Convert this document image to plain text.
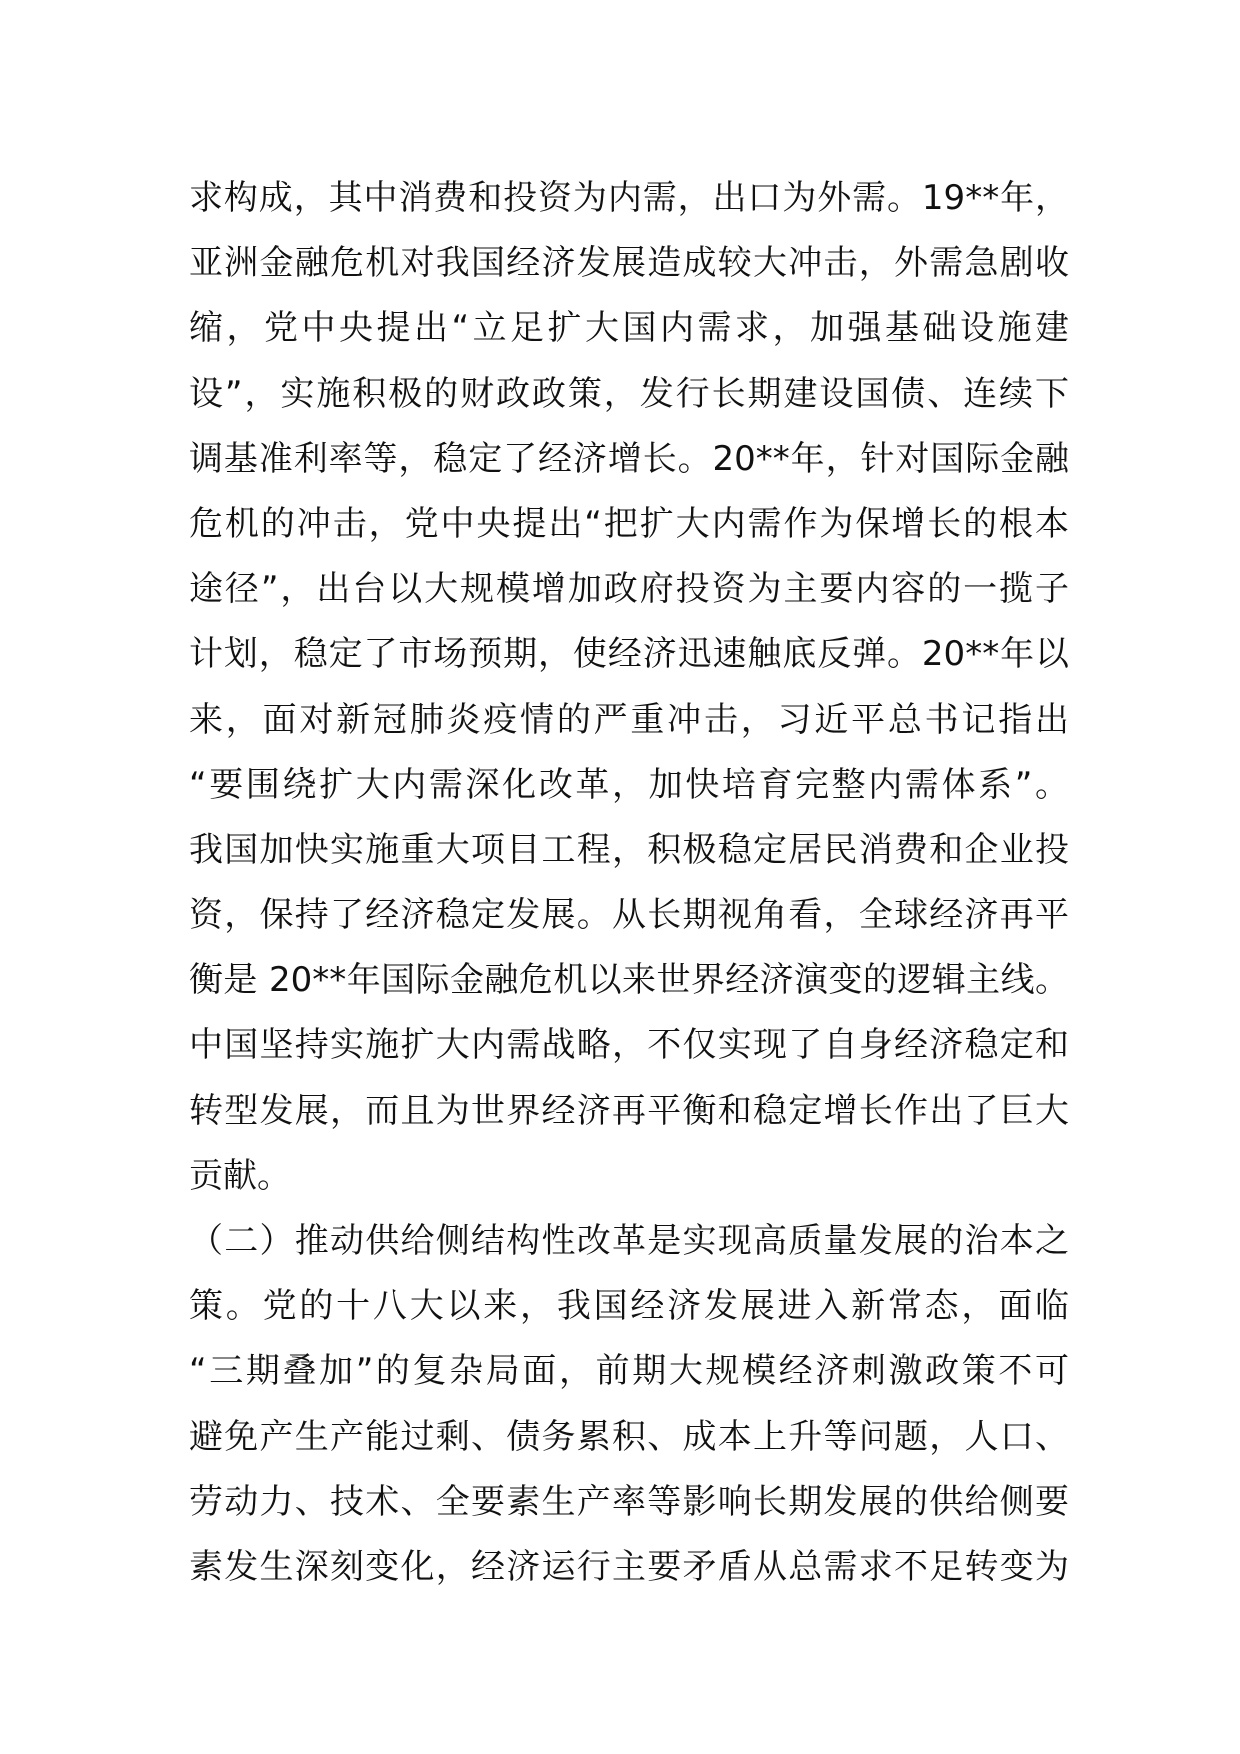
求构成，其中消费和投资为内需，出口为外需。19**年，
亚洲金融危机对我国经济发展造成较大冲击，外需急剧收
缩，党中央提出“立足扩大国内需求，加强基础设施建
设”，实施积极的财政政策，发行长期建设国债、连续下
调基准利率等，稳定了经济增长。20**年，针对国际金融
危机的冲击，党中央提出“把扩大内需作为保增长的根本
途径”，出台以大规模增加政府投资为主要内容的一揽子
计划，稳定了市场预期，使经济迅速触底反弹。20**年以
来，面对新冠肺炎疫情的严重冲击，习近平总书记指出
“要围绕扩大内需深化改革，加快培育完整内需体系”。
我国加快实施重大项目工程，积极稳定居民消费和企业投
资，保持了经济稳定发展。从长期视角看，全球经济再平
衡是 20**年国际金融危机以来世界经济演变的逻辑主线。
中国坚持实施扩大内需战略，不仅实现了自身经济稳定和
转型发展，而且为世界经济再平衡和稳定增长作出了巨大
贡献。
（二）推动供给侧结构性改革是实现高质量发展的治本之
策。党的十八大以来，我国经济发展进入新常态，面临
“三期叠加”的复杂局面，前期大规模经济刺激政策不可
避免产生产能过剩、债务累积、成本上升等问题，人口、
劳动力、技术、全要素生产率等影响长期发展的供给侧要
素发生深刻变化，经济运行主要矛盾从总需求不足转变为
